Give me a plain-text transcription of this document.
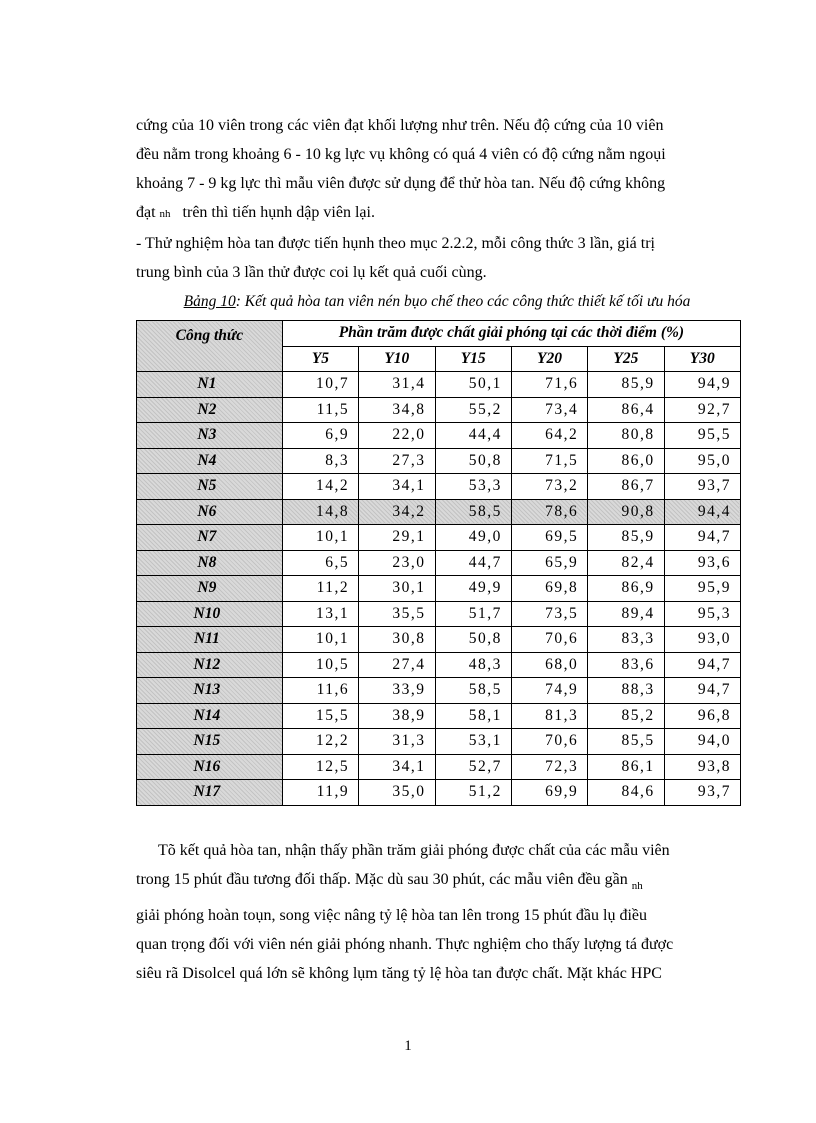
cứng của 10 viên trong các viên đạt khối lượng như trên. Nếu độ cứng của 10 viên

đều nằm trong khoảng 6 - 10 kg lực vụ không có quá 4 viên có độ cứng nằm ngoụi

khoảng 7 - 9 kg lực thì mẫu viên được sử dụng để thử hòa tan. Nếu độ cứng không

đạt nh trên thì tiến hụnh dập viên lại.

- Thử nghiệm hòa tan được tiến hụnh theo mục 2.2.2, mỗi công thức 3 lần, giá trị

trung bình của 3 lần thử được coi lụ kết quả cuối cùng.

Bảng 10: Kết quả hòa tan viên nén bụo chế theo các công thức thiết kế tối ưu hóa
Công thức	Phần trăm được chất giải phóng tại các thời điểm (%)					
	Y5	Y10	Y15	Y20	Y25	Y30
N1	10,7	31,4	50,1	71,6	85,9	94,9
N2	11,5	34,8	55,2	73,4	86,4	92,7
N3	6,9	22,0	44,4	64,2	80,8	95,5
N4	8,3	27,3	50,8	71,5	86,0	95,0
N5	14,2	34,1	53,3	73,2	86,7	93,7
N6	14,8	34,2	58,5	78,6	90,8	94,4
N7	10,1	29,1	49,0	69,5	85,9	94,7
N8	6,5	23,0	44,7	65,9	82,4	93,6
N9	11,2	30,1	49,9	69,8	86,9	95,9
N10	13,1	35,5	51,7	73,5	89,4	95,3
N11	10,1	30,8	50,8	70,6	83,3	93,0
N12	10,5	27,4	48,3	68,0	83,6	94,7
N13	11,6	33,9	58,5	74,9	88,3	94,7
N14	15,5	38,9	58,1	81,3	85,2	96,8
N15	12,2	31,3	53,1	70,6	85,5	94,0
N16	12,5	34,1	52,7	72,3	86,1	93,8
N17	11,9	35,0	51,2	69,9	84,6	93,7

Tõ kết quả hòa tan, nhận thấy phần trăm giải phóng được chất của các mẫu viên

trong 15 phút đầu tương đối thấp. Mặc dù sau 30 phút, các mẫu viên đều gần $_{nh}$

giải phóng hoàn toụn, song việc nâng tỷ lệ hòa tan lên trong 15 phút đầu lụ điều

quan trọng đối với viên nén giải phóng nhanh. Thực nghiệm cho thấy lượng tá được

siêu rã Disolcel quá lớn sẽ không lụm tăng tỷ lệ hòa tan được chất. Mặt khác HPC

1
